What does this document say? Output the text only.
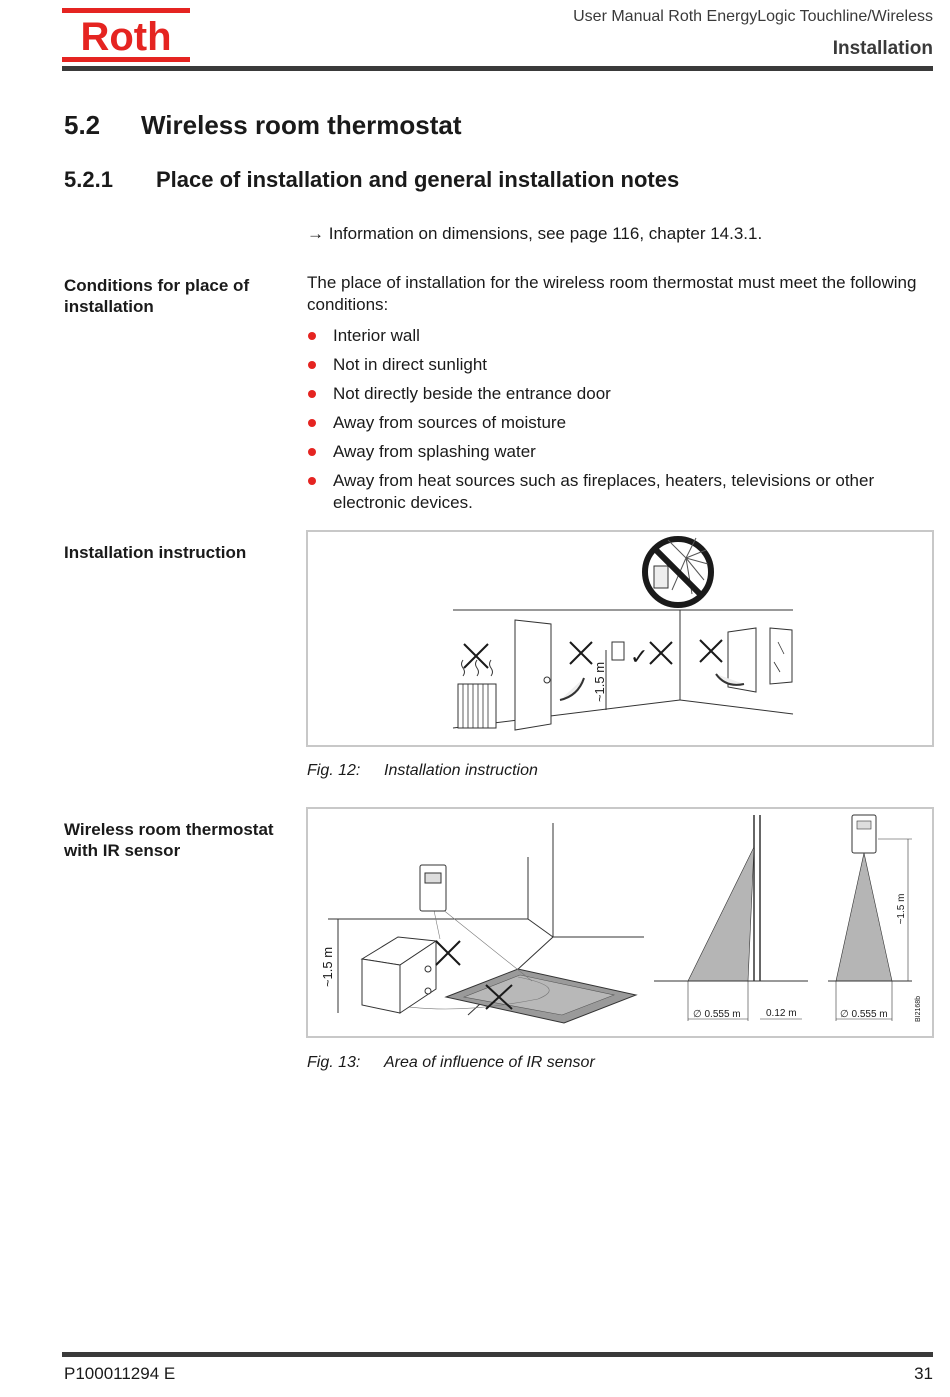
Roth	User Manual Roth EnergyLogic Touchline/Wireless
Installation
5.2 Wireless room thermostat
5.2.1 Place of installation and general installation notes
→ Information on dimensions, see page 116, chapter 14.3.1.
Conditions for place of installation
The place of installation for the wireless room thermostat must meet the following conditions:
Interior wall
Not in direct sunlight
Not directly beside the entrance door
Away from sources of moisture
Away from splashing water
Away from heat sources such as fireplaces, heaters, televisions or other electronic devices.
Installation instruction
~1.5 m
✓
Fig. 12: Installation instruction
Wireless room thermostat with IR sensor
~1.5 m
∅ 0.555 m	0.12 m	∅ 0.555 m
~1.5 m
BI2168b
Fig. 13: Area of influence of IR sensor
P100011294 E	31
